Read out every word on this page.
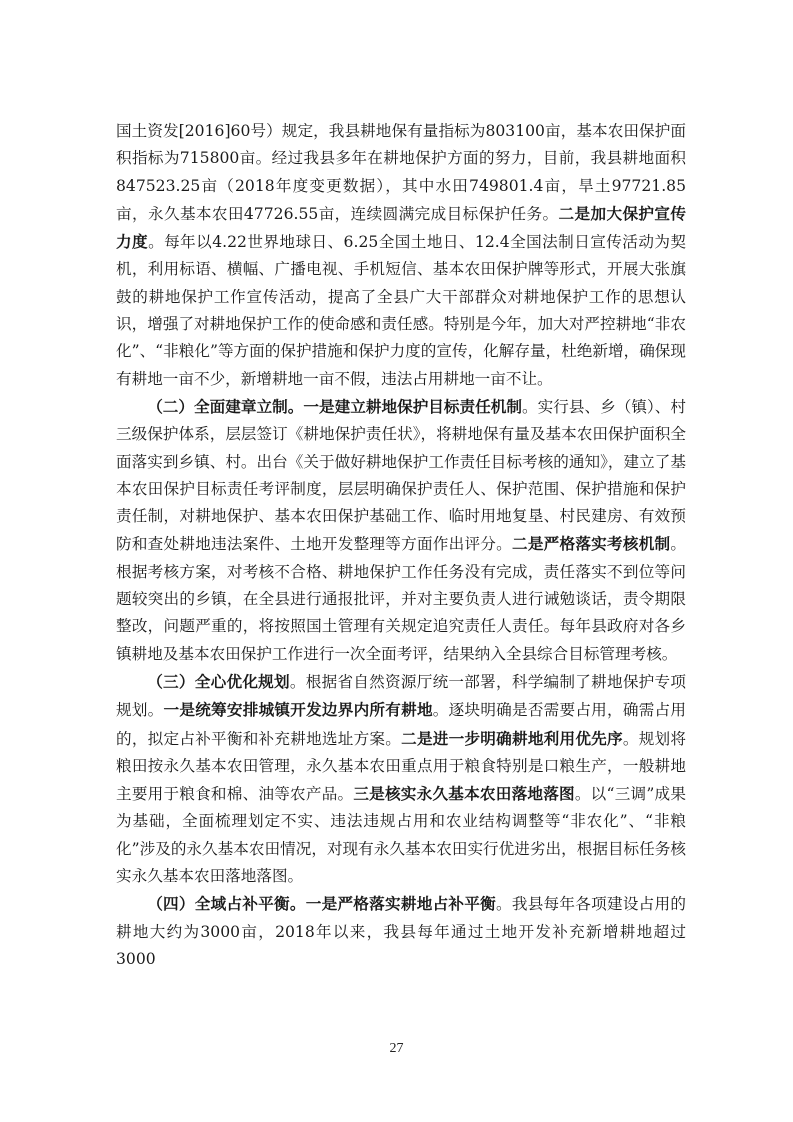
国土资发[2016]60号）规定，我县耕地保有量指标为803100亩，基本农田保护面积指标为715800亩。经过我县多年在耕地保护方面的努力，目前，我县耕地面积847523.25亩（2018年度变更数据），其中水田749801.4亩，旱土97721.85亩，永久基本农田47726.55亩，连续圆满完成目标保护任务。二是加大保护宣传力度。每年以4.22世界地球日、6.25全国土地日、12.4全国法制日宣传活动为契机，利用标语、横幅、广播电视、手机短信、基本农田保护牌等形式，开展大张旗鼓的耕地保护工作宣传活动，提高了全县广大干部群众对耕地保护工作的思想认识，增强了对耕地保护工作的使命感和责任感。特别是今年，加大对严控耕地“非农化”、“非粮化”等方面的保护措施和保护力度的宣传，化解存量，杜绝新增，确保现有耕地一亩不少，新增耕地一亩不假，违法占用耕地一亩不让。

（二）全面建章立制。一是建立耕地保护目标责任机制。实行县、乡（镇）、村三级保护体系，层层签订《耕地保护责任状》，将耕地保有量及基本农田保护面积全面落实到乡镇、村。出台《关于做好耕地保护工作责任目标考核的通知》，建立了基本农田保护目标责任考评制度，层层明确保护责任人、保护范围、保护措施和保护责任制，对耕地保护、基本农田保护基础工作、临时用地复垦、村民建房、有效预防和查处耕地违法案件、土地开发整理等方面作出评分。二是严格落实考核机制。根据考核方案，对考核不合格、耕地保护工作任务没有完成，责任落实不到位等问题较突出的乡镇，在全县进行通报批评，并对主要负责人进行诫勉谈话，责令期限整改，问题严重的，将按照国土管理有关规定追究责任人责任。每年县政府对各乡镇耕地及基本农田保护工作进行一次全面考评，结果纳入全县综合目标管理考核。

（三）全心优化规划。根据省自然资源厅统一部署，科学编制了耕地保护专项规划。一是统筹安排城镇开发边界内所有耕地。逐块明确是否需要占用，确需占用的，拟定占补平衡和补充耕地选址方案。二是进一步明确耕地利用优先序。规划将粮田按永久基本农田管理，永久基本农田重点用于粮食特别是口粮生产，一般耕地主要用于粮食和棉、油等农产品。三是核实永久基本农田落地落图。以“三调”成果为基础，全面梳理划定不实、违法违规占用和农业结构调整等“非农化”、“非粮化”涉及的永久基本农田情况，对现有永久基本农田实行优进劣出，根据目标任务核实永久基本农田落地落图。

（四）全域占补平衡。一是严格落实耕地占补平衡。我县每年各项建设占用的耕地大约为3000亩，2018年以来，我县每年通过土地开发补充新增耕地超过3000

27
